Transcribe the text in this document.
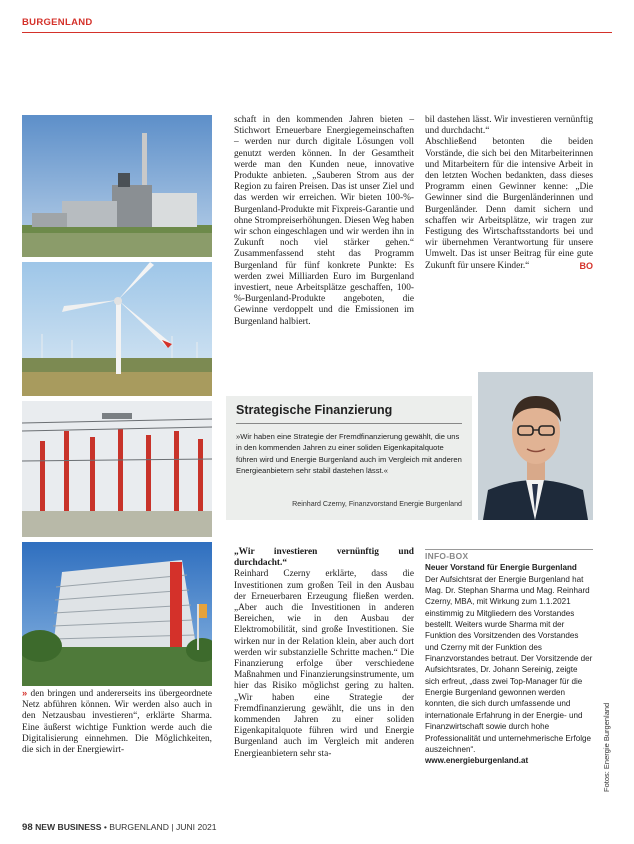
BURGENLAND

schaft in den kommenden Jahren bieten – Stichwort Erneuerbare Energiegemeinschaften – werden nur durch digitale Lösungen voll genutzt werden können. In der Gesamtheit werde man den Kunden neue, innovative Produkte anbieten. „Sauberen Strom aus der Region zu fairen Preisen. Das ist unser Ziel und das werden wir erreichen. Wir bieten 100-%-Burgenland-Produkte mit Fixpreis-Garantie und ohne Strompreiserhöhungen. Diesen Weg haben wir schon eingeschlagen und wir werden ihn in Zukunft noch viel stärker gehen.“ Zusammenfassend steht das Programm Burgenland für fünf konkrete Punkte: Es werden zwei Milliarden Euro im Burgenland investiert, neue Arbeitsplätze geschaffen, 100-%-Burgenland-Produkte angeboten, die Gewinne verdoppelt und die Emissionen im Burgenland halbiert.

bil dastehen lässt. Wir investieren vernünftig und durchdacht.“

Abschließend betonten die beiden Vorstände, die sich bei den Mitarbeiterinnen und Mitarbeitern für die intensive Arbeit in den letzten Wochen bedankten, dass dieses Programm einen Gewinner kenne: „Die Gewinner sind die Burgenländerinnen und Burgenländer. Denn damit sichern und schaffen wir Arbeitsplätze, wir tragen zur Festigung des Wirtschaftsstandorts bei und wir übernehmen Verantwortung für unsere Umwelt. Das ist unser Beitrag für eine gute Zukunft für unsere Kinder.“	BO

Strategische Finanzierung
»Wir haben eine Strategie der Fremdfinanzierung gewählt, die uns in den kommenden Jahren zu einer soliden Eigenkapitalquote führen wird und Energie Burgenland auch im Vergleich mit anderen Energieanbietern sehr stabil dastehen lässt.«
Reinhard Czerny, Finanzvorstand Energie Burgenland

» den bringen und andererseits ins übergeordnete Netz abführen können. Wir werden also auch in den Netzausbau investieren“, erklärte Sharma. Eine äußerst wichtige Funktion werde auch die Digitalisierung einnehmen. Die Möglichkeiten, die sich in der Energiewirt-

„Wir investieren vernünftig und durchdacht.“

Reinhard Czerny erklärte, dass die Investitionen zum großen Teil in den Ausbau der Erneuerbaren Erzeugung fließen werden. „Aber auch die Investitionen in anderen Bereichen, wie in den Ausbau der Elektromobilität, sind große Investitionen. Sie wirken nur in der Relation klein, aber auch dort werden wir substanzielle Schritte machen.“ Die Finanzierung erfolge über verschiedene Maßnahmen und Finanzierungsinstrumente, um hier das Risiko möglichst gering zu halten. „Wir haben eine Strategie der Fremdfinanzierung gewählt, die uns in den kommenden Jahren zu einer soliden Eigenkapitalquote führen wird und Energie Burgenland auch im Vergleich mit anderen Energieanbietern sehr sta-

INFO-BOX
Neuer Vorstand für Energie Burgenland
Der Aufsichtsrat der Energie Burgenland hat Mag. Dr. Stephan Sharma und Mag. Reinhard Czerny, MBA, mit Wirkung zum 1.1.2021 einstimmig zu Mitgliedern des Vorstandes bestellt. Weiters wurde Sharma mit der Funktion des Vorsitzenden des Vorstandes und Czerny mit der Funktion des Finanzvorstandes betraut. Der Vorsitzende der Aufsichtsrates, Dr. Johann Sereinig, zeigte sich erfreut, „dass zwei Top-Manager für die Energie Burgenland gewonnen werden konnten, die sich durch umfassende und internationale Erfahrung in der Energie- und Finanzwirtschaft sowie durch hohe Professionalität und unternehmerische Erfolge auszeichnen“.
www.energieburgenland.at	Fotos: Energie Burgenland
98 NEW BUSINESS • BURGENLAND | JUNI 2021
